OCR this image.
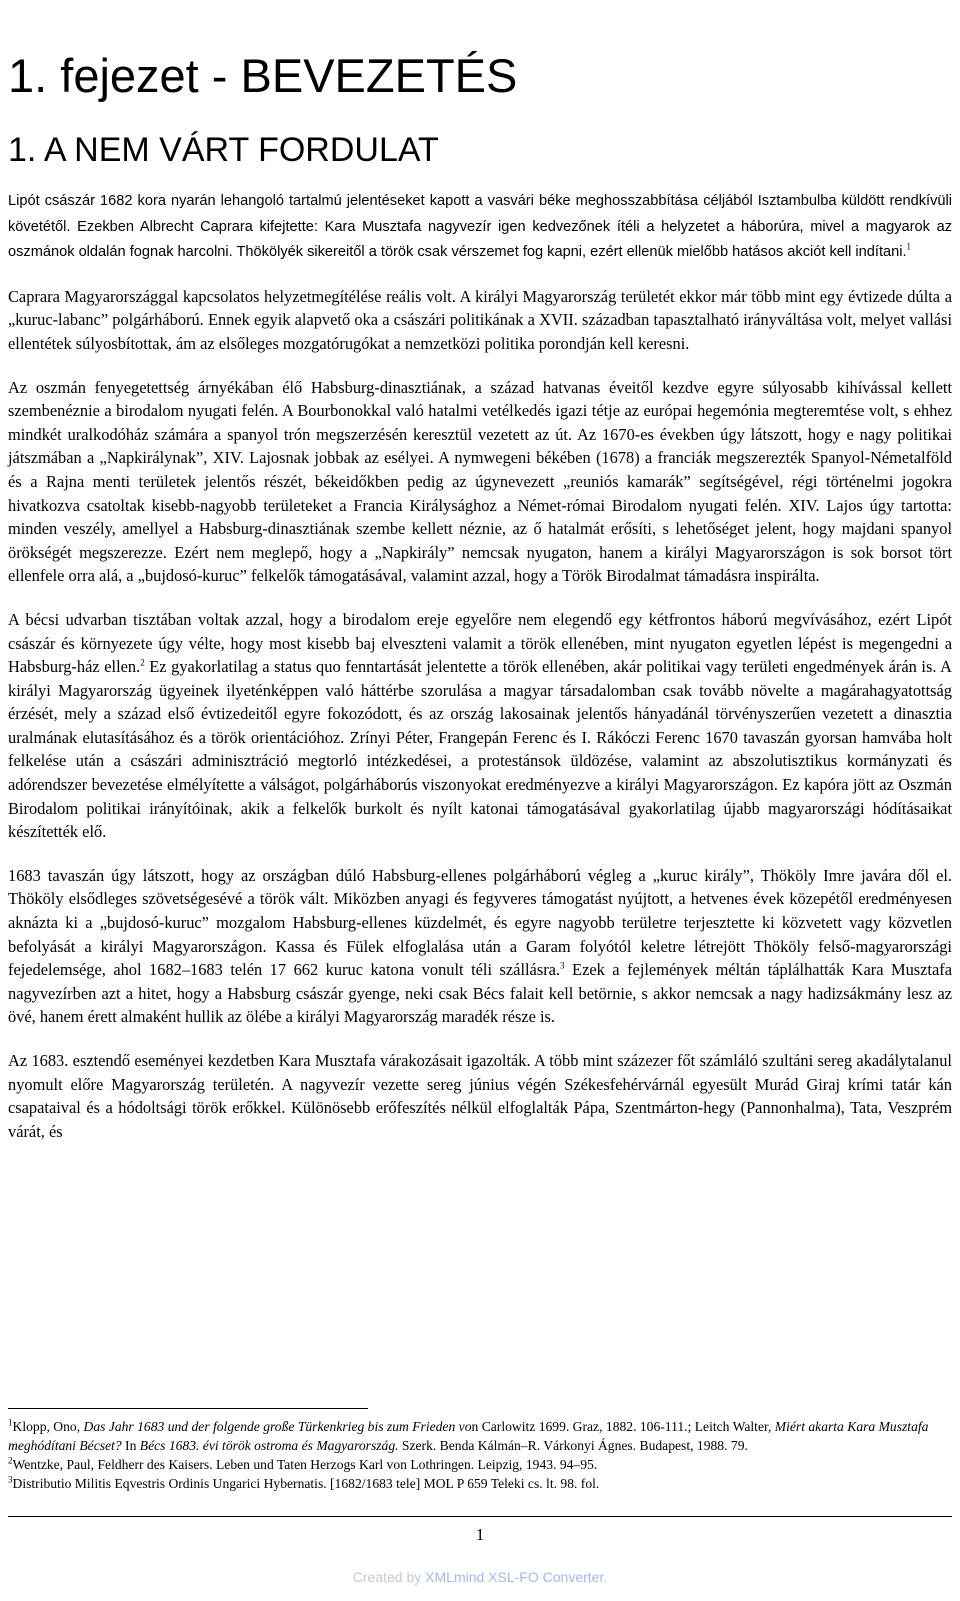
1. fejezet - BEVEZETÉS
1. A NEM VÁRT FORDULAT

Lipót császár 1682 kora nyarán lehangoló tartalmú jelentéseket kapott a vasvári béke meghosszabbítása céljából Isztambulba küldött rendkívüli követétől. Ezekben Albrecht Caprara kifejtette: Kara Musztafa nagyvezír igen kedvezőnek ítéli a helyzetet a háborúra, mivel a magyarok az oszmánok oldalán fognak harcolni. Thökölyék sikereitől a török csak vérszemet fog kapni, ezért ellenük mielőbb hatásos akciót kell indítani.$^1$

Caprara Magyarországgal kapcsolatos helyzetmegítélése reális volt. A királyi Magyarország területét ekkor már több mint egy évtizede dúlta a „kuruc-labanc” polgárháború. Ennek egyik alapvető oka a császári politikának a XVII. században tapasztalható irányváltása volt, melyet vallási ellentétek súlyosbítottak, ám az elsőleges mozgatórugókat a nemzetközi politika porondján kell keresni.

Az oszmán fenyegetettség árnyékában élő Habsburg-dinasztiának, a század hatvanas éveitől kezdve egyre súlyosabb kihívással kellett szembenéznie a birodalom nyugati felén. A Bourbonokkal való hatalmi vetélkedés igazi tétje az európai hegemónia megteremtése volt, s ehhez mindkét uralkodóház számára a spanyol trón megszerzésén keresztül vezetett az út. Az 1670-es években úgy látszott, hogy e nagy politikai játszmában a „Napkirálynak”, XIV. Lajosnak jobbak az esélyei. A nymwegeni békében (1678) a franciák megszerezték Spanyol-Németalföld és a Rajna menti területek jelentős részét, békeidőkben pedig az úgynevezett „reuniós kamarák” segítségével, régi történelmi jogokra hivatkozva csatoltak kisebb-nagyobb területeket a Francia Királysághoz a Német-római Birodalom nyugati felén. XIV. Lajos úgy tartotta: minden veszély, amellyel a Habsburg-dinasztiának szembe kellett néznie, az ő hatalmát erősíti, s lehetőséget jelent, hogy majdani spanyol örökségét megszerezze. Ezért nem meglepő, hogy a „Napkirály” nemcsak nyugaton, hanem a királyi Magyarországon is sok borsot tört ellenfele orra alá, a „bujdosó-kuruc” felkelők támogatásával, valamint azzal, hogy a Török Birodalmat támadásra inspirálta.

A bécsi udvarban tisztában voltak azzal, hogy a birodalom ereje egyelőre nem elegendő egy kétfrontos háború megvívásához, ezért Lipót császár és környezete úgy vélte, hogy most kisebb baj elveszteni valamit a török ellenében, mint nyugaton egyetlen lépést is megengedni a Habsburg-ház ellen.$^2$ Ez gyakorlatilag a status quo fenntartását jelentette a török ellenében, akár politikai vagy területi engedmények árán is. A királyi Magyarország ügyeinek ilyeténképpen való háttérbe szorulása a magyar társadalomban csak tovább növelte a magárahagyatottság érzését, mely a század első évtizedeitől egyre fokozódott, és az ország lakosainak jelentős hányadánál törvényszerűen vezetett a dinasztia uralmának elutasításához és a török orientációhoz. Zrínyi Péter, Frangepán Ferenc és I. Rákóczi Ferenc 1670 tavaszán gyorsan hamvába holt felkelése után a császári adminisztráció megtorló intézkedései, a protestánsok üldözése, valamint az abszolutisztikus kormányzati és adórendszer bevezetése elmélyítette a válságot, polgárháborús viszonyokat eredményezve a királyi Magyarországon. Ez kapóra jött az Oszmán Birodalom politikai irányítóinak, akik a felkelők burkolt és nyílt katonai támogatásával gyakorlatilag újabb magyarországi hódításaikat készítették elő.

1683 tavaszán úgy látszott, hogy az országban dúló Habsburg-ellenes polgárháború végleg a „kuruc király”, Thököly Imre javára dől el. Thököly elsődleges szövetségesévé a török vált. Miközben anyagi és fegyveres támogatást nyújtott, a hetvenes évek közepétől eredményesen aknázta ki a „bujdosó-kuruc” mozgalom Habsburg-ellenes küzdelmét, és egyre nagyobb területre terjesztette ki közvetett vagy közvetlen befolyását a királyi Magyarországon. Kassa és Fülek elfoglalása után a Garam folyótól keletre létrejött Thököly felső-magyarországi fejedelemsége, ahol 1682–1683 telén 17 662 kuruc katona vonult téli szállásra.$^3$ Ezek a fejlemények méltán táplálhatták Kara Musztafa nagyvezírben azt a hitet, hogy a Habsburg császár gyenge, neki csak Bécs falait kell betörnie, s akkor nemcsak a nagy hadizsákmány lesz az övé, hanem érett almaként hullik az ölébe a királyi Magyarország maradék része is.

Az 1683. esztendő eseményei kezdetben Kara Musztafa várakozásait igazolták. A több mint százezer főt számláló szultáni sereg akadálytalanul nyomult előre Magyarország területén. A nagyvezír vezette sereg június végén Székesfehérvárnál egyesült Murád Giraj krími tatár kán csapataival és a hódoltsági török erőkkel. Különösebb erőfeszítés nélkül elfoglalták Pápa, Szentmárton-hegy (Pannonhalma), Tata, Veszprém várát, és

$^1$Klopp, Ono, Das Jahr 1683 und der folgende große Türkenkrieg bis zum Frieden von Carlowitz 1699. Graz, 1882. 106-111.; Leitch Walter, Miért akarta Kara Musztafa meghódítani Bécset? In Bécs 1683. évi török ostroma és Magyarország. Szerk. Benda Kálmán–R. Várkonyi Ágnes. Budapest, 1988. 79.

$^2$Wentzke, Paul, Feldherr des Kaisers. Leben und Taten Herzogs Karl von Lothringen. Leipzig, 1943. 94–95.

$^3$Distributio Militis Eqvestris Ordinis Ungarici Hybernatis. [1682/1683 tele] MOL P 659 Teleki cs. lt. 98. fol.

1
Created by XMLmind XSL-FO Converter.
